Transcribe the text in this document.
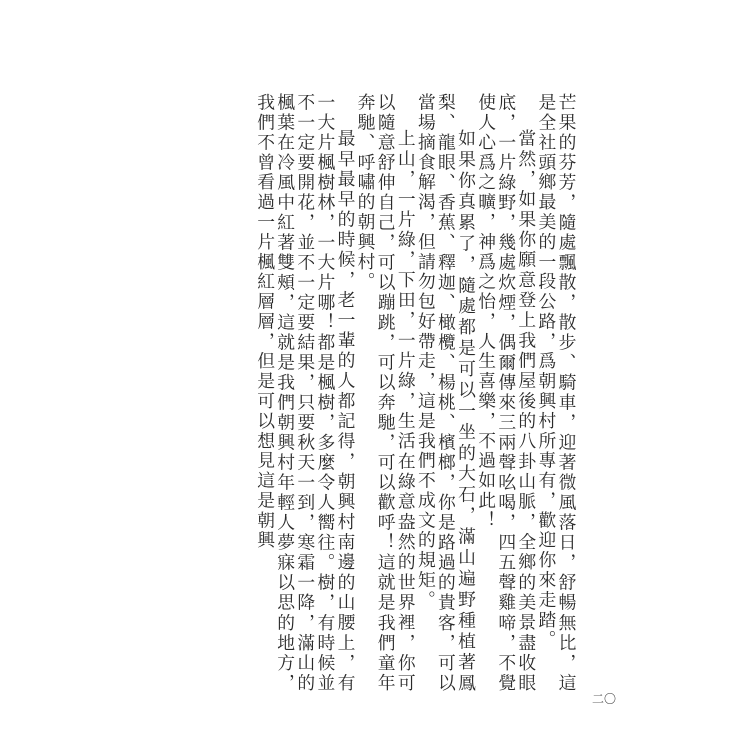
芒果的芬芳，隨處飄散，散步、騎車，迎著微風落日，舒暢無比，這是全社頭鄉最美的一段公路，爲朝興村所專有，歡迎你來走踏。

當然，如果你願意登上我們屋後的八卦山脈，全鄉的美景盡收眼底，一片綠野，幾處炊煙，偶爾傳來三兩聲吆喝，四五聲雞啼，不覺使人心爲之曠，神爲之怡，人生喜樂，不過如此！

如果你真累了，隨處都是可以一坐的大石，滿山遍野種植著鳳梨、龍眼、香蕉、釋迦、橄欖、楊桃、檳榔，你是路過的貴客，可以當場摘食解渴，但請勿包好帶走，這是我們不成文的規矩。

上山，一片綠，下田，一片綠，生活在綠意盎然的世界裡，你可以隨意舒伸自己，可以蹦跳，可以奔馳，可以歡呼！這就是我們童年奔馳、呼嘯的朝興村。

最早最早的時候，老一輩的人都記得，朝興村南邊的山腰上，有一大片楓樹林，一大片哪！都是楓樹，多麼令人嚮往。樹，有時候並不一定要開花，並不一定要結果，只要秋天一到，寒霜一降，滿山的楓葉在冷風中紅著雙頰，這就是我們朝興村年輕人夢寐以思的地方，我們不曾看過一片楓紅層層，但是可以想見這是朝興

二〇
